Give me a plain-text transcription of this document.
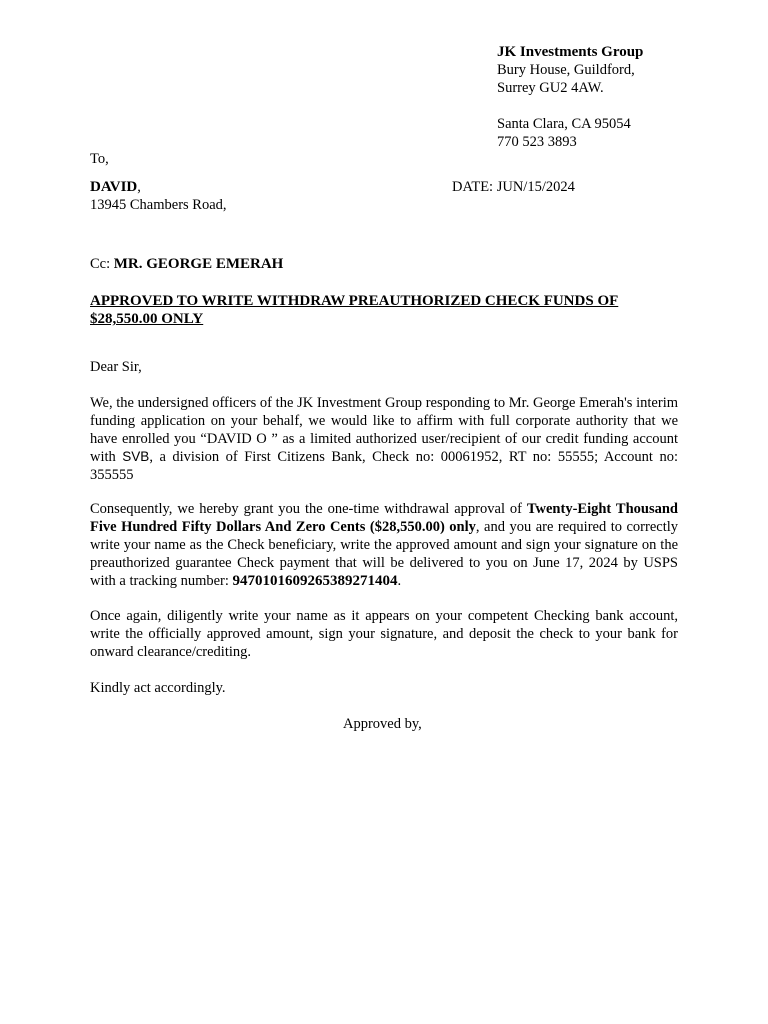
JK Investments Group
Bury House, Guildford,
Surrey GU2 4AW.
Santa Clara, CA 95054
770 523 3893
To,
DAVID,
13945 Chambers Road,
DATE: JUN/15/2024
Cc: MR. GEORGE EMERAH
APPROVED TO WRITE WITHDRAW PREAUTHORIZED CHECK FUNDS OF
$28,550.00 ONLY
Dear Sir,
We, the undersigned officers of the JK Investment Group responding to Mr. George Emerah's interim funding application on your behalf, we would like to affirm with full corporate authority that we have enrolled you “DAVID O ” as a limited authorized user/recipient of our credit funding account with SVB, a division of First Citizens Bank, Check no: 00061952, RT no: 55555; Account no: 355555
Consequently, we hereby grant you the one-time withdrawal approval of Twenty-Eight Thousand Five Hundred Fifty Dollars And Zero Cents ($28,550.00) only, and you are required to correctly write your name as the Check beneficiary, write the approved amount and sign your signature on the preauthorized guarantee Check payment that will be delivered to you on June 17, 2024 by USPS with a tracking number: 9470101609265389271404.
Once again, diligently write your name as it appears on your competent Checking bank account, write the officially approved amount, sign your signature, and deposit the check to your bank for onward clearance/crediting.
Kindly act accordingly.
Approved by,
